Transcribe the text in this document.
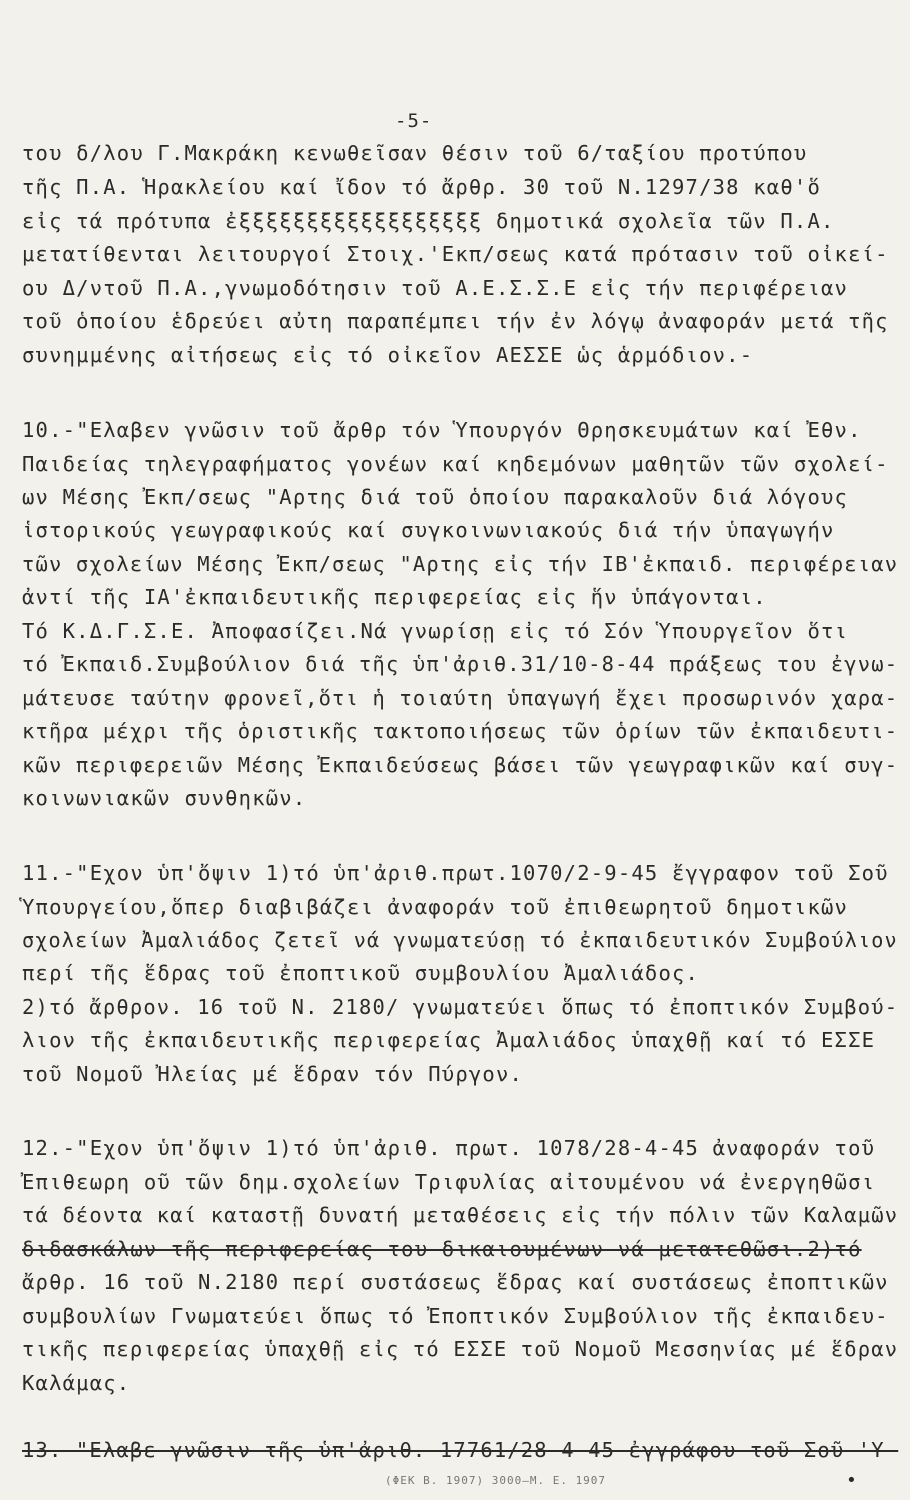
-5-
του δ/λου Γ.Μακράκη κενωθεῖσαν θέσιν τοῦ 6/ταξίου προτύπου
τῆς Π.Α. Ἡρακλείου καί ἴδον τό ἄρθρ. 30 τοῦ Ν.1297/38 καθ'ὅ
εἰς τά πρότυπα ἐξξξξξξξξξξξξξξξξξξ δημοτικά σχολεῖα τῶν Π.Α.
μετατίθενται λειτουργοί Στοιχ.'Εκπ/σεως κατά πρότασιν τοῦ οἰκεί-
ου Δ/ντοῦ Π.Α.,γνωμοδότησιν τοῦ Α.Ε.Σ.Σ.Ε εἰς τήν περιφέρειαν
τοῦ ὁποίου ἑδρεύει αὐτη παραπέμπει τήν ἐν λόγῳ ἀναφοράν μετά τῆς
συνημμένης αἰτήσεως εἰς τό οἰκεῖον ΑΕΣΣΕ ὡς ἁρμόδιον.-
10.-"Ελαβεν γνῶσιν τοῦ ἄρθρ τόν Ὑπουργόν Θρησκευμάτων καί Ἐθν.
Παιδείας τηλεγραφήματος γονέων καί κηδεμόνων μαθητῶν τῶν σχολεί-
ων Μέσης Ἐκπ/σεως "Αρτης διά τοῦ ὁποίου παρακαλοῦν διά λόγους
ἱστορικούς γεωγραφικούς καί συγκοινωνιακούς διά τήν ὑπαγωγήν
τῶν σχολείων Μέσης Ἐκπ/σεως "Αρτης εἰς τήν ΙΒ'ἐκπαιδ. περιφέρειαν
ἀντί τῆς ΙΑ'ἐκπαιδευτικῆς περιφερείας εἰς ἥν ὑπάγονται.
Τό Κ.Δ.Γ.Σ.Ε. Ἀποφασίζει.Νά γνωρίσῃ εἰς τό Σόν Ὑπουργεῖον ὅτι
τό Ἐκπαιδ.Συμβούλιον διά τῆς ὑπ'ἀριθ.31/10-8-44 πράξεως του ἐγνω-
μάτευσε ταύτην φρονεῖ,ὅτι ἡ τοιαύτη ὑπαγωγή ἔχει προσωρινόν χαρα-
κτῆρα μέχρι τῆς ὁριστικῆς τακτοποιήσεως τῶν ὁρίων τῶν ἐκπαιδευτι-
κῶν περιφερειῶν Μέσης Ἐκπαιδεύσεως βάσει τῶν γεωγραφικῶν καί συγ-
κοινωνιακῶν συνθηκῶν.
11.-"Εχον ὑπ'ὄψιν 1)τό ὑπ'ἀριθ.πρωτ.1070/2-9-45 ἔγγραφον τοῦ Σοῦ
Ὑπουργείου,ὅπερ διαβιβάζει ἀναφοράν τοῦ ἐπιθεωρητοῦ δημοτικῶν
σχολείων Ἀμαλιάδος ζετεῖ νά γνωματεύσῃ τό ἐκπαιδευτικόν Συμβούλιον
περί τῆς ἕδρας τοῦ ἐποπτικοῦ συμβουλίου Ἀμαλιάδος.
2)τό ἄρθρον. 16 τοῦ Ν. 2180/ γνωματεύει ὅπως τό ἐποπτικόν Συμβού-
λιον τῆς ἐκπαιδευτικῆς περιφερείας Ἀμαλιάδος ὑπαχθῇ καί τό ΕΣΣΕ
τοῦ Νομοῦ Ἠλείας μέ ἕδραν τόν Πύργον.
12.-"Εχον ὑπ'ὄψιν 1)τό ὑπ'ἀριθ. πρωτ. 1078/28-4-45 ἀναφοράν τοῦ
Ἐπιθεωρη οῦ τῶν δημ.σχολείων Τριφυλίας αἰτουμένου νά ἐνεργηθῶσι
τά δέοντα καί καταστῇ δυνατή μεταθέσεις εἰς τήν πόλιν τῶν Καλαμῶν
διδασκάλων τῆς περιφερείας του δικαιουμένων νά μετατεθῶσι.2)τό
ἄρθρ. 16 τοῦ Ν.2180 περί συστάσεως ἕδρας καί συστάσεως ἐποπτικῶν
συμβουλίων Γνωματεύει ὅπως τό Ἐποπτικόν Συμβούλιον τῆς ἐκπαιδευ-
τικῆς περιφερείας ὑπαχθῇ εἰς τό ΕΣΣΕ τοῦ Νομοῦ Μεσσηνίας μέ ἕδραν
Καλάμας.
13.-"Ελαβε γνῶσιν τῆς ὑπ'ἀριθ. 17761/28-4-45 ἐγγράφου τοῦ Σοῦ 'Υ-
(ΦΕΚ Β. 1907) 3000—Μ. Ε. 1907	•
